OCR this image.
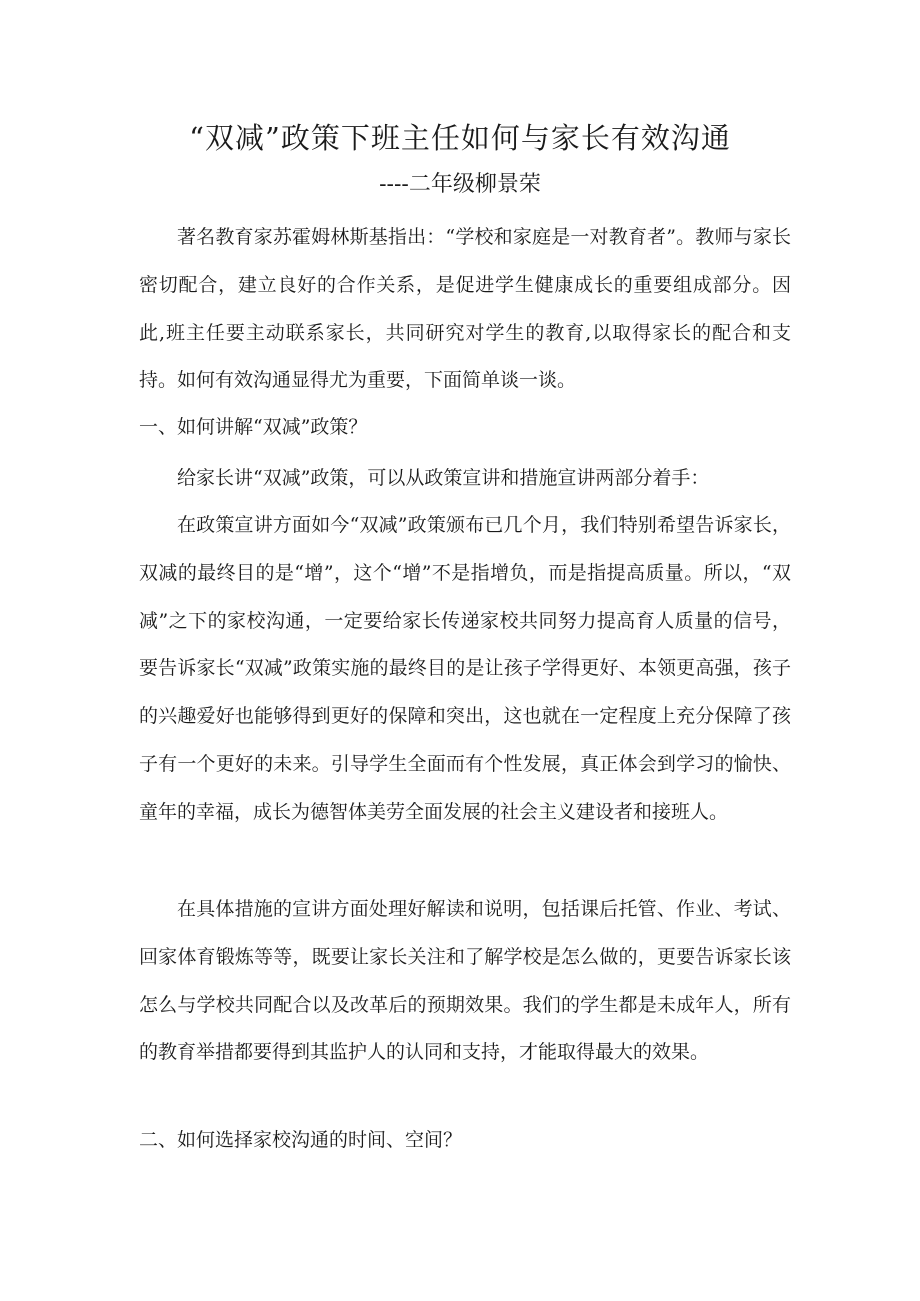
“双减”政策下班主任如何与家长有效沟通
----二年级柳景荣

著名教育家苏霍姆林斯基指出：“学校和家庭是一对教育者”。教师与家长密切配合，建立良好的合作关系，是促进学生健康成长的重要组成部分。因此,班主任要主动联系家长，共同研究对学生的教育,以取得家长的配合和支持。如何有效沟通显得尤为重要，下面简单谈一谈。

一、如何讲解“双减”政策？

给家长讲“双减”政策，可以从政策宣讲和措施宣讲两部分着手：

在政策宣讲方面如今“双减”政策颁布已几个月，我们特别希望告诉家长，双减的最终目的是“增”，这个“增”不是指增负，而是指提高质量。所以，“双减”之下的家校沟通，一定要给家长传递家校共同努力提高育人质量的信号，要告诉家长“双减”政策实施的最终目的是让孩子学得更好、本领更高强，孩子的兴趣爱好也能够得到更好的保障和突出，这也就在一定程度上充分保障了孩子有一个更好的未来。引导学生全面而有个性发展，真正体会到学习的愉快、童年的幸福，成长为德智体美劳全面发展的社会主义建设者和接班人。

在具体措施的宣讲方面处理好解读和说明，包括课后托管、作业、考试、回家体育锻炼等等，既要让家长关注和了解学校是怎么做的，更要告诉家长该怎么与学校共同配合以及改革后的预期效果。我们的学生都是未成年人，所有的教育举措都要得到其监护人的认同和支持，才能取得最大的效果。

二、如何选择家校沟通的时间、空间？
